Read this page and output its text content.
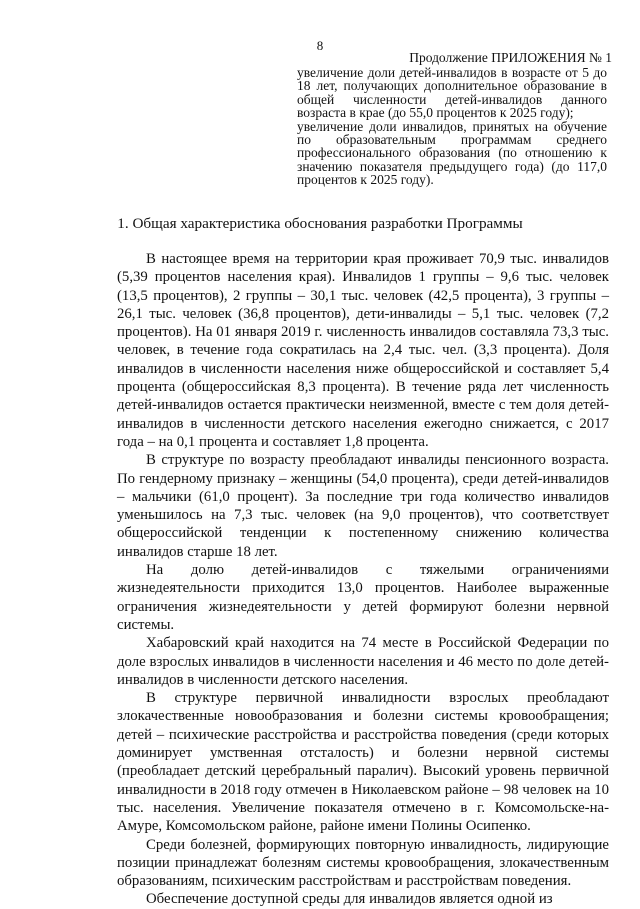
8
Продолжение ПРИЛОЖЕНИЯ № 1

увеличение доли детей-инвалидов в возрасте от 5 до 18 лет, получающих дополнительное образование в общей численности детей-инвалидов данного возраста в крае (до 55,0 процентов к 2025 году);

увеличение доли инвалидов, принятых на обучение по образовательным программам среднего профессионального образования (по отношению к значению показателя предыдущего года) (до 117,0 процентов к 2025 году).

1. Общая характеристика обоснования разработки Программы

В настоящее время на территории края проживает 70,9 тыс. инвалидов (5,39 процентов населения края). Инвалидов 1 группы – 9,6 тыс. человек (13,5 процентов), 2 группы – 30,1 тыс. человек (42,5 процента), 3 группы – 26,1 тыс. человек (36,8 процентов), дети-инвалиды – 5,1 тыс. человек (7,2 процентов). На 01 января 2019 г. численность инвалидов составляла 73,3 тыс. человек, в течение года сократилась на 2,4 тыс. чел. (3,3 процента). Доля инвалидов в численности населения ниже общероссийской и составляет 5,4 процента (общероссийская 8,3 процента). В течение ряда лет численность детей-инвалидов остается практически неизменной, вместе с тем доля детей-инвалидов в численности детского населения ежегодно снижается, с 2017 года – на 0,1 процента и составляет 1,8 процента.

В структуре по возрасту преобладают инвалиды пенсионного возраста. По гендерному признаку – женщины (54,0 процента), среди детей-инвалидов – мальчики (61,0 процент). За последние три года количество инвалидов уменьшилось на 7,3 тыс. человек (на 9,0 процентов), что соответствует общероссийской тенденции к постепенному снижению количества инвалидов старше 18 лет.

На долю детей-инвалидов с тяжелыми ограничениями жизнедеятельности приходится 13,0 процентов. Наиболее выраженные ограничения жизнедеятельности у детей формируют болезни нервной системы.

Хабаровский край находится на 74 месте в Российской Федерации по доле взрослых инвалидов в численности населения и 46 место по доле детей-инвалидов в численности детского населения.

В структуре первичной инвалидности взрослых преобладают злокачественные новообразования и болезни системы кровообращения; детей – психические расстройства и расстройства поведения (среди которых доминирует умственная отсталость) и болезни нервной системы (преобладает детский церебральный паралич). Высокий уровень первичной инвалидности в 2018 году отмечен в Николаевском районе – 98 человек на 10 тыс. населения. Увеличение показателя отмечено в г. Комсомольске-на-Амуре, Комсомольском районе, районе имени Полины Осипенко.

Среди болезней, формирующих повторную инвалидность, лидирующие позиции принадлежат болезням системы кровообращения, злокачественным образованиям, психическим расстройствам и расстройствам поведения.

Обеспечение доступной среды для инвалидов является одной из
